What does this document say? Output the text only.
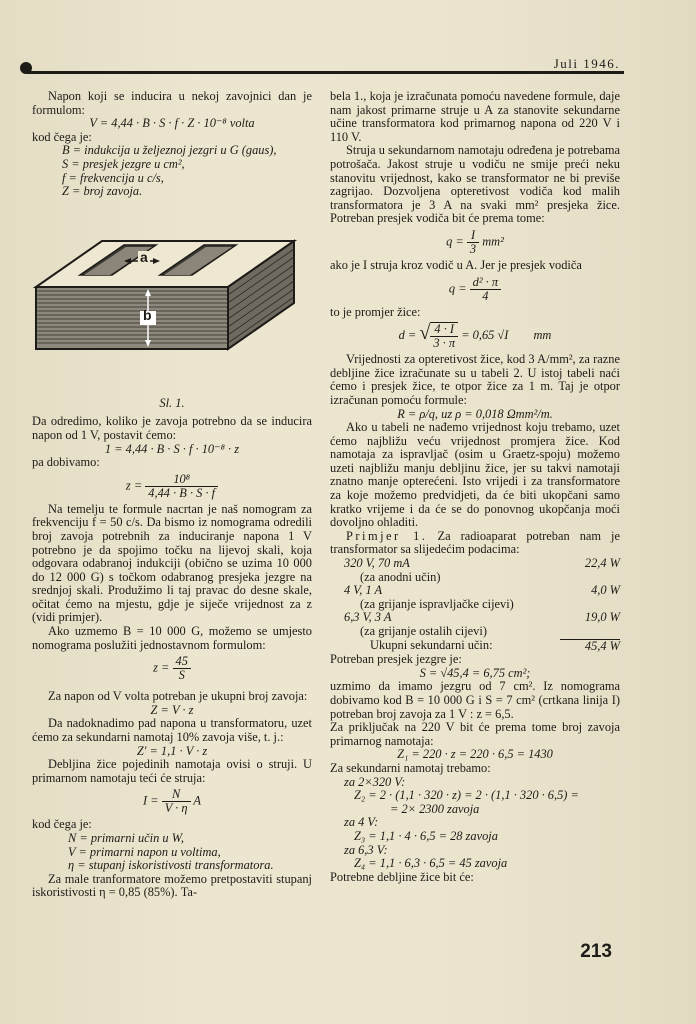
Juli 1946.

Napon koji se inducira u nekoj zavojnici dan je formulom:

V = 4,44 · B · S · f · Z · 10⁻⁸ volta

kod čega je:

B = indukcija u željeznoj jezgri u G (gaus),

S = presjek jezgre u cm²,

f = frekvencija u c/s,

Z = broj zavoja.

a
b

Sl. 1.

Da odredimo, koliko je zavoja potrebno da se inducira napon od 1 V, postavit ćemo:

1 = 4,44 · B · S · f · 10⁻⁸ · z

pa dobivamo:

$z = \frac{\text{10⁸}}{4,44 \cdot B \cdot S \cdot f}$

Na temelju te formule nacrtan je naš nomogram za frekvenciju f = 50 c/s. Da bismo iz nomograma odredili broj zavoja potrebnih za induciranje napona 1 V potrebno je da spojimo točku na lijevoj skali, koja odgovara odabranoj indukciji (obično se uzima 10 000 do 12 000 G) s točkom odabranog presjeka jezgre na srednjoj skali. Produžimo li taj pravac do desne skale, očitat ćemo na mjestu, gdje je siječe vrijednost za z (vidi primjer).

Ako uzmemo B = 10 000 G, možemo se umjesto nomograma poslužiti jednostavnom formulom:

$z = \frac{45}{S}$

Za napon od V volta potreban je ukupni broj zavoja:

Z = V · z

Da nadoknadimo pad napona u transformatoru, uzet ćemo za sekundarni namotaj 10% zavoja više, t. j.:

Z' = 1,1 · V · z

Debljina žice pojedinih namotaja ovisi o struji. U primarnom namotaju teći će struja:

$I = \frac{N}{V \cdot \eta}$ A

kod čega je:

N = primarni učin u W,

V = primarni napon u voltima,

η = stupanj iskoristivosti transformatora.

Za male tranformatore možemo pretpostaviti stupanj iskoristivosti η = 0,85 (85%). Ta-

bela 1., koja je izračunata pomoću navedene formule, daje nam jakost primarne struje u A za stanovite sekundarne učine transformatora kod primarnog napona od 220 V i 110 V.

Struja u sekundarnom namotaju određena je potrebama potrošača. Jakost struje u vodiču ne smije preći neku stanovitu vrijednost, kako se transformator ne bi previše zagrijao. Dozvoljena opteretivost vodiča kod malih transformatora je 3 A na svaki mm² presjeka žice. Potreban presjek vodiča bit će prema tome:

$q = \frac{I}{3} mm^2$

ako je I struja kroz vodič u A. Jer je presjek vodiča

$q = \frac{\text{d² · π}}{4}$

to je promjer žice:

d = √ $\frac{4 \cdot I}{3 \cdot \pi} = 0,65$ √I mm

Vrijednosti za opteretivost žice, kod 3 A/mm², za razne debljine žice izračunate su u tabeli 2. U istoj tabeli naći ćemo i presjek žice, te otpor žice za 1 m. Taj je otpor izračunan pomoću formule:

R = ρ/q, uz ρ = 0,018 Ωmm²/m.

Ako u tabeli ne nađemo vrijednost koju trebamo, uzet ćemo najbližu veću vrijednost promjera žice. Kod namotaja za ispravljač (osim u Graetz-spoju) možemo uzeti najbližu manju debljinu žice, jer su takvi namotaji znatno manje opterećeni. Isto vrijedi i za transformatore za koje možemo predvidjeti, da će biti ukopčani samo kratko vrijeme i da će se do ponovnog ukopčanja moći dovoljno ohladiti.

Primjer 1. Za radioaparat potreban nam je transformator sa slijedećim podacima:

320 V, 70 mA	22,4 W

(za anodni učin)

4 V, 1 A	4,0 W

(za grijanje ispravljačke cijevi)

6,3 V, 3 A	19,0 W

(za grijanje ostalih cijevi)

Ukupni sekundarni učin:	45,4 W

Potreban presjek jezgre je:

S = √45,4 = 6,75 cm²;

uzmimo da imamo jezgru od 7 cm². Iz nomograma dobivamo kod B = 10 000 G i S = 7 cm² (crtkana linija I) potreban broj zavoja za 1 V : z = 6,5.

Za priključak na 220 V bit će prema tome broj zavoja primarnog namotaja:

Z₁ = 220 · z = 220 · 6,5 = 1430

Za sekundarni namotaj trebamo:

za 2×320 V:

Z₂ = 2 · (1,1 · 320 · z) = 2 · (1,1 · 320 · 6,5) =

= 2× 2300 zavoja

za 4 V:

Z₃ = 1,1 · 4 · 6,5 = 28 zavoja

za 6,3 V:

Z₄ = 1,1 · 6,3 · 6,5 = 45 zavoja

Potrebne debljine žice bit će:

213
